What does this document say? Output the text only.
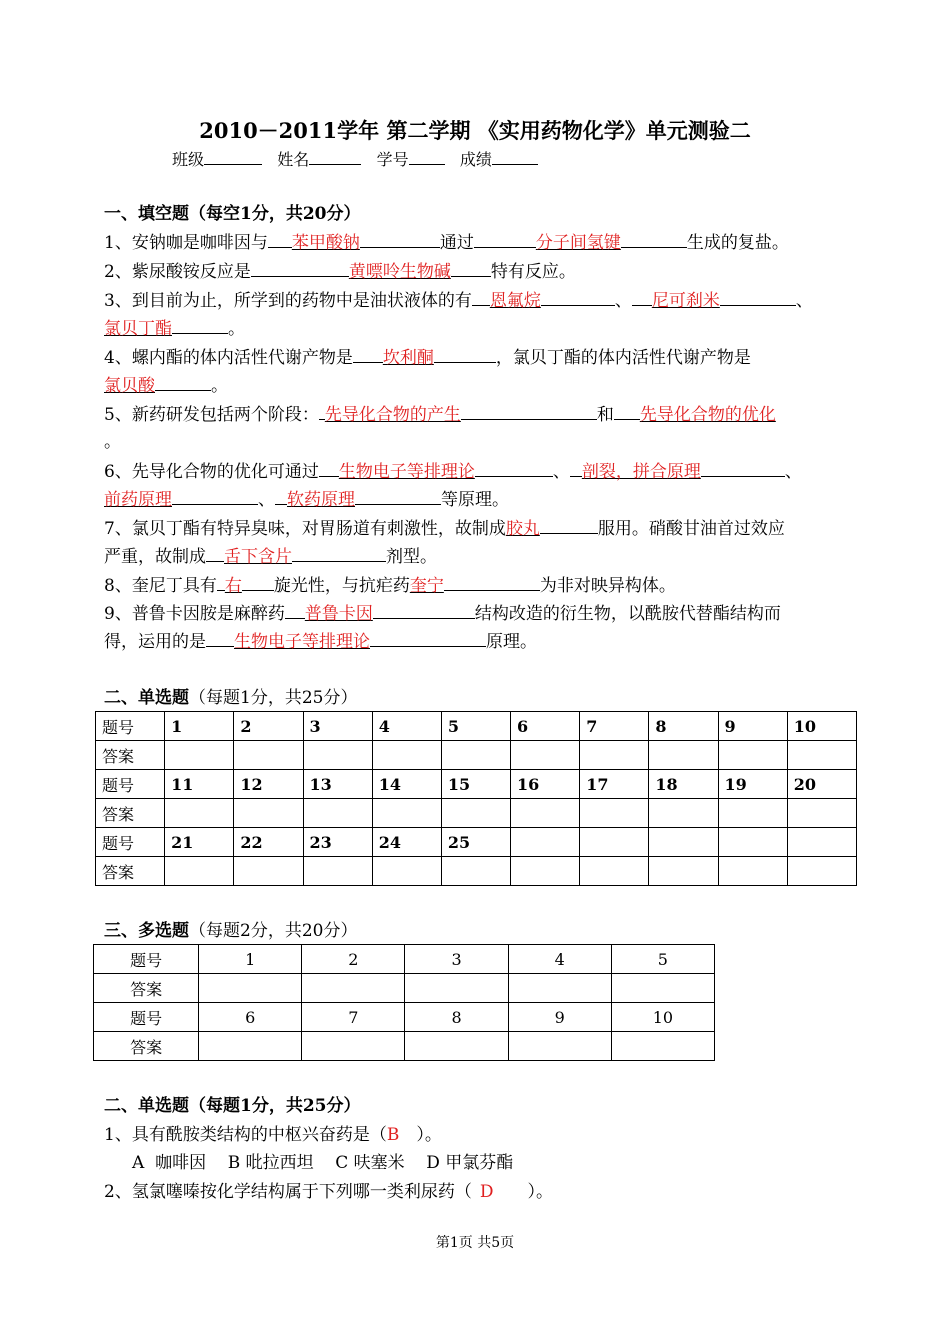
2010－2011学年 第二学期 《实用药物化学》单元测验二
班级	姓名	学号	成绩
一、填空题（每空1分，共20分）
1、安钠咖是咖啡因与 苯甲酸钠	通过	分子间氢键	生成的复盐。
2、紫尿酸铵反应是	黄嘌呤生物碱 特有反应。
3、到目前为止，所学到的药物中是油状液体的有 恩氟烷	、 尼可刹米	、
氯贝丁酯	。
4、螺内酯的体内活性代谢产物是 坎利酮	，氯贝丁酯的体内活性代谢产物是
氯贝酸	。
5、新药研发包括两个阶段： 先导化合物的产生	和 先导化合物的优化
。
6、先导化合物的优化可通过 生物电子等排理论	、 剖裂，拼合原理	、
前药原理	、 软药原理	等原理。
7、氯贝丁酯有特异臭味，对胃肠道有刺激性，故制成胶丸	服用。硝酸甘油首过效应
严重，故制成 舌下含片	剂型。
8、奎尼丁具有 右 旋光性，与抗疟药奎宁	为非对映异构体。
9、普鲁卡因胺是麻醉药 普鲁卡因	结构改造的衍生物，以酰胺代替酯结构而
得，运用的是 生物电子等排理论	原理。
二、单选题（每题1分，共25分）
题号	1	2	3	4	5	6	7	8	9	10
答案										
题号	11	12	13	14	15	16	17	18	19	20
答案										
题号	21	22	23	24	25					
答案										
三、多选题（每题2分，共20分）
题号	1	2	3	4	5
答案					
题号	6	7	8	9	10
答案					
二、单选题（每题1分，共25分）
1、具有酰胺类结构的中枢兴奋药是（B　）。
A  咖啡因    B 吡拉西坦    C 呋塞米    D 甲氯芬酯
2、氢氯噻嗪按化学结构属于下列哪一类利尿药（ D　　）。
第1页 共5页
